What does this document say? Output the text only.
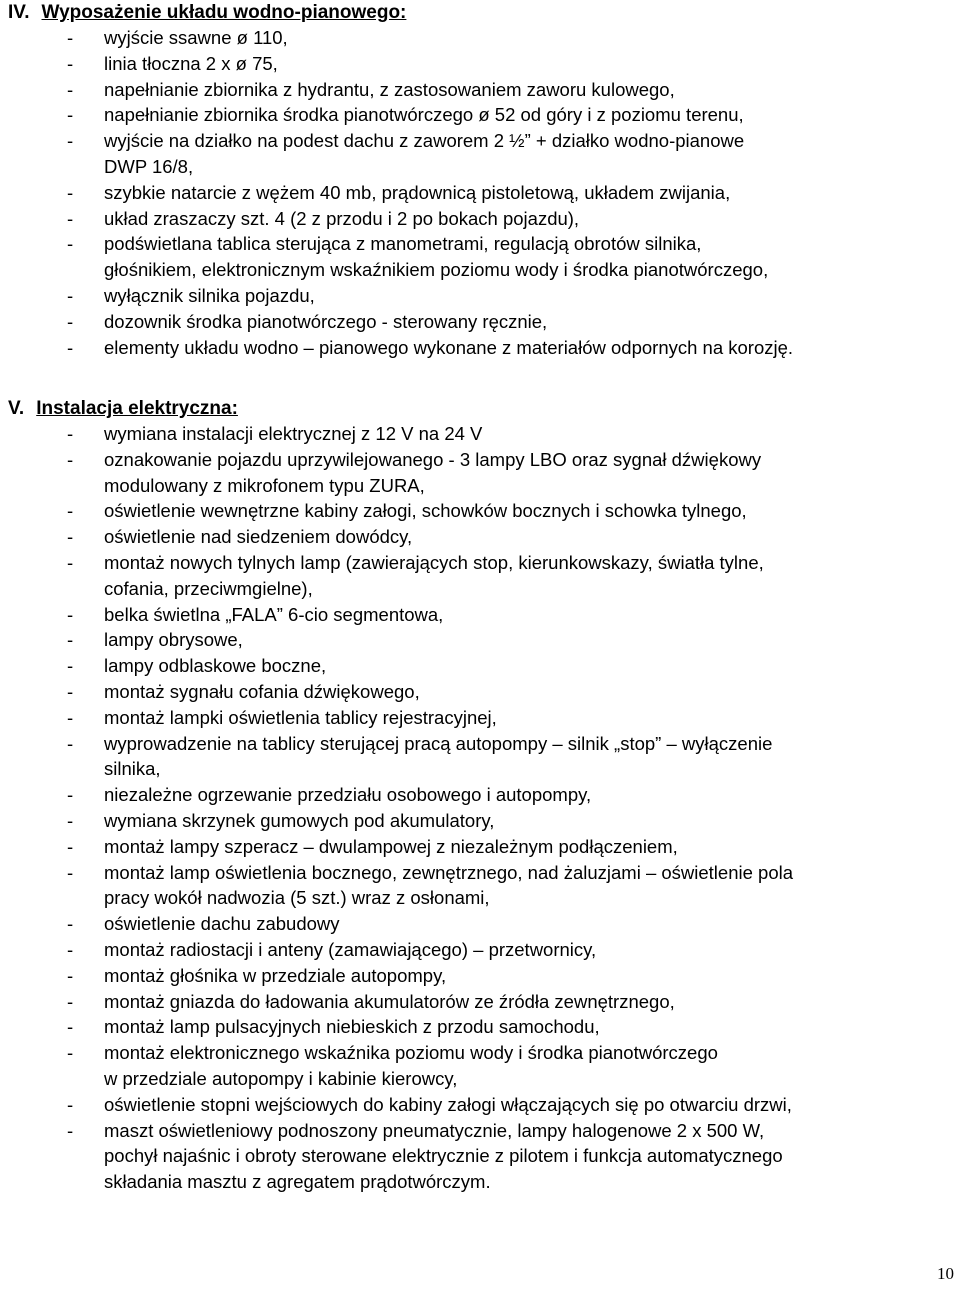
IV. Wyposażenie układu wodno-pianowego:
- wyjście ssawne ø 110,
- linia tłoczna 2 x ø 75,
- napełnianie zbiornika z hydrantu, z zastosowaniem zaworu kulowego,
- napełnianie zbiornika środka pianotwórczego ø 52 od góry i z poziomu terenu,
- wyjście na działko na podest dachu z zaworem 2 ½” + działko wodno-pianowe
DWP 16/8,
- szybkie natarcie z wężem 40 mb, prądownicą pistoletową, układem zwijania,
- układ zraszaczy szt. 4 (2 z przodu i 2 po bokach pojazdu),
- podświetlana tablica sterująca z manometrami, regulacją obrotów silnika,
głośnikiem, elektronicznym wskaźnikiem poziomu wody i środka pianotwórczego,
- wyłącznik silnika pojazdu,
- dozownik środka pianotwórczego - sterowany ręcznie,
- elementy układu wodno – pianowego wykonane z materiałów odpornych na korozję.
V. Instalacja elektryczna:
- wymiana instalacji elektrycznej z 12 V na 24 V
- oznakowanie pojazdu uprzywilejowanego - 3 lampy LBO oraz sygnał dźwiękowy
modulowany z mikrofonem typu ZURA,
- oświetlenie wewnętrzne kabiny załogi, schowków bocznych i schowka tylnego,
- oświetlenie nad siedzeniem dowódcy,
- montaż nowych tylnych lamp (zawierających stop, kierunkowskazy, światła tylne,
cofania, przeciwmgielne),
- belka świetlna „FALA” 6-cio segmentowa,
- lampy obrysowe,
- lampy odblaskowe boczne,
- montaż sygnału cofania dźwiękowego,
- montaż lampki oświetlenia tablicy rejestracyjnej,
- wyprowadzenie na tablicy sterującej pracą autopompy – silnik „stop” – wyłączenie
silnika,
- niezależne ogrzewanie przedziału osobowego i autopompy,
- wymiana skrzynek gumowych pod akumulatory,
- montaż lampy szperacz – dwulampowej z niezależnym podłączeniem,
- montaż lamp oświetlenia bocznego, zewnętrznego, nad żaluzjami – oświetlenie pola
pracy wokół nadwozia (5 szt.) wraz z osłonami,
- oświetlenie dachu zabudowy
- montaż radiostacji i anteny (zamawiającego) – przetwornicy,
- montaż głośnika w przedziale autopompy,
- montaż gniazda do ładowania akumulatorów ze źródła zewnętrznego,
- montaż lamp pulsacyjnych niebieskich z przodu samochodu,
- montaż elektronicznego wskaźnika poziomu wody i środka pianotwórczego
w przedziale autopompy i kabinie kierowcy,
- oświetlenie stopni wejściowych do kabiny załogi włączających się po otwarciu drzwi,
- maszt oświetleniowy podnoszony pneumatycznie, lampy halogenowe 2 x 500 W,
pochył najaśnic i obroty sterowane elektrycznie z pilotem i funkcja automatycznego
składania masztu z agregatem prądotwórczym.
10
